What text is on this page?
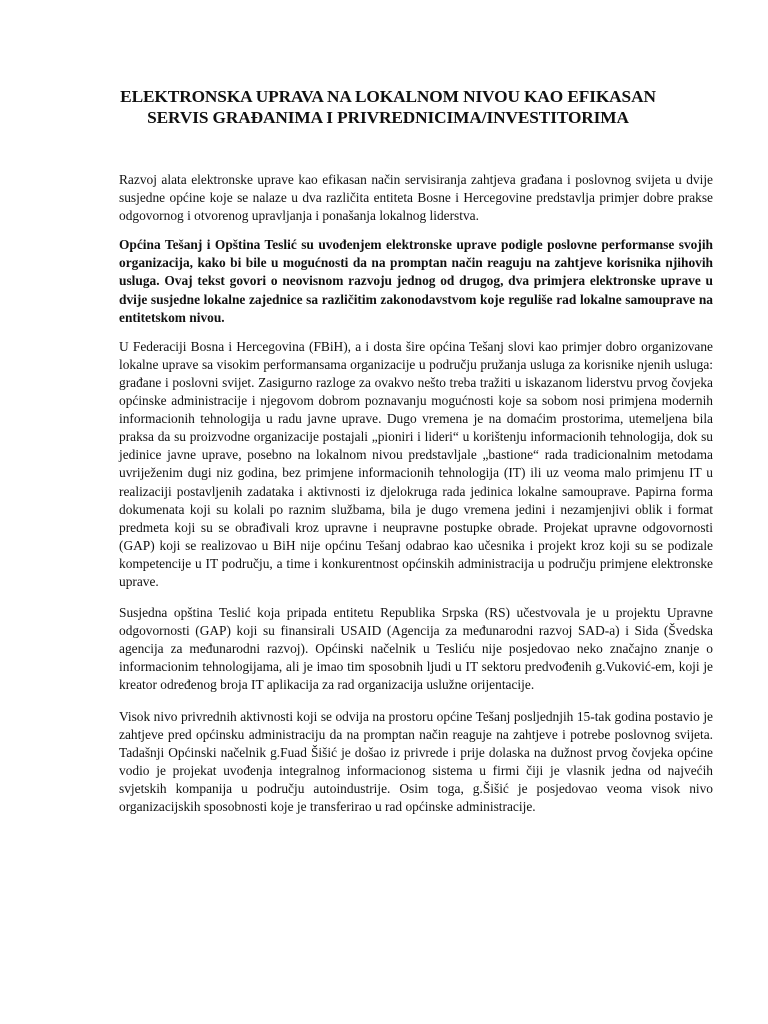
ELEKTRONSKA UPRAVA NA LOKALNOM NIVOU KAO EFIKASAN
SERVIS GRAĐANIMA I PRIVREDNICIMA/INVESTITORIMA

Razvoj alata elektronske uprave kao efikasan način servisiranja zahtjeva građana i poslovnog svijeta u dvije susjedne općine koje se nalaze u dva različita entiteta Bosne i Hercegovine predstavlja primjer dobre prakse odgovornog i otvorenog upravljanja i ponašanja lokalnog liderstva.

Općina Tešanj i Opština Teslić su uvođenjem elektronske uprave podigle poslovne performanse svojih organizacija, kako bi bile u mogućnosti da na promptan način reaguju na zahtjeve korisnika njihovih usluga. Ovaj tekst govori o neovisnom razvoju jednog od drugog, dva primjera elektronske uprave u dvije susjedne lokalne zajednice sa različitim zakonodavstvom koje reguliše rad lokalne samouprave na entitetskom nivou.

U Federaciji Bosna i Hercegovina (FBiH), a i dosta šire općina Tešanj slovi kao primjer dobro organizovane lokalne uprave sa visokim performansama organizacije u području pružanja usluga za korisnike njenih usluga: građane i poslovni svijet. Zasigurno razloge za ovakvo nešto treba tražiti u iskazanom liderstvu prvog čovjeka općinske administracije i njegovom dobrom poznavanju mogućnosti koje sa sobom nosi primjena modernih informacionih tehnologija u radu javne uprave. Dugo vremena je na domaćim prostorima, utemeljena bila praksa da su proizvodne organizacije postajali „pioniri i lideri“ u korištenju informacionih tehnologija, dok su jedinice javne uprave, posebno na lokalnom nivou predstavljale „bastione“ rada tradicionalnim metodama uvriježenim dugi niz godina, bez primjene informacionih tehnologija (IT) ili uz veoma malo primjenu IT u realizaciji postavljenih zadataka i aktivnosti iz djelokruga rada jedinica lokalne samouprave. Papirna forma dokumenata koji su kolali po raznim službama, bila je dugo vremena jedini i nezamjenjivi oblik i format predmeta koji su se obrađivali kroz upravne i neupravne postupke obrade. Projekat upravne odgovornosti (GAP) koji se realizovao u BiH nije općinu Tešanj odabrao kao učesnika i projekt kroz koji su se podizale kompetencije u IT području, a time i konkurentnost općinskih administracija u području primjene elektronske uprave.

Susjedna opština Teslić koja pripada entitetu Republika Srpska (RS) učestvovala je u projektu Upravne odgovornosti (GAP) koji su finansirali USAID (Agencija za međunarodni razvoj SAD-a) i Sida (Švedska agencija za međunarodni razvoj). Općinski načelnik u Tesliću nije posjedovao neko značajno znanje o informacionim tehnologijama, ali je imao tim sposobnih ljudi u IT sektoru predvođenih g.Vuković-em, koji je kreator određenog broja IT aplikacija za rad organizacija uslužne orijentacije.

Visok nivo privrednih aktivnosti koji se odvija na prostoru općine Tešanj posljednjih 15-tak godina postavio je zahtjeve pred općinsku administraciju da na promptan način reaguje na zahtjeve i potrebe poslovnog svijeta. Tadašnji Općinski načelnik g.Fuad Šišić je došao iz privrede i prije dolaska na dužnost prvog čovjeka općine vodio je projekat uvođenja integralnog informacionog sistema u firmi čiji je vlasnik jedna od najvećih svjetskih kompanija u području autoindustrije. Osim toga, g.Šišić je posjedovao veoma visok nivo organizacijskih sposobnosti koje je transferirao u rad općinske administracije.
